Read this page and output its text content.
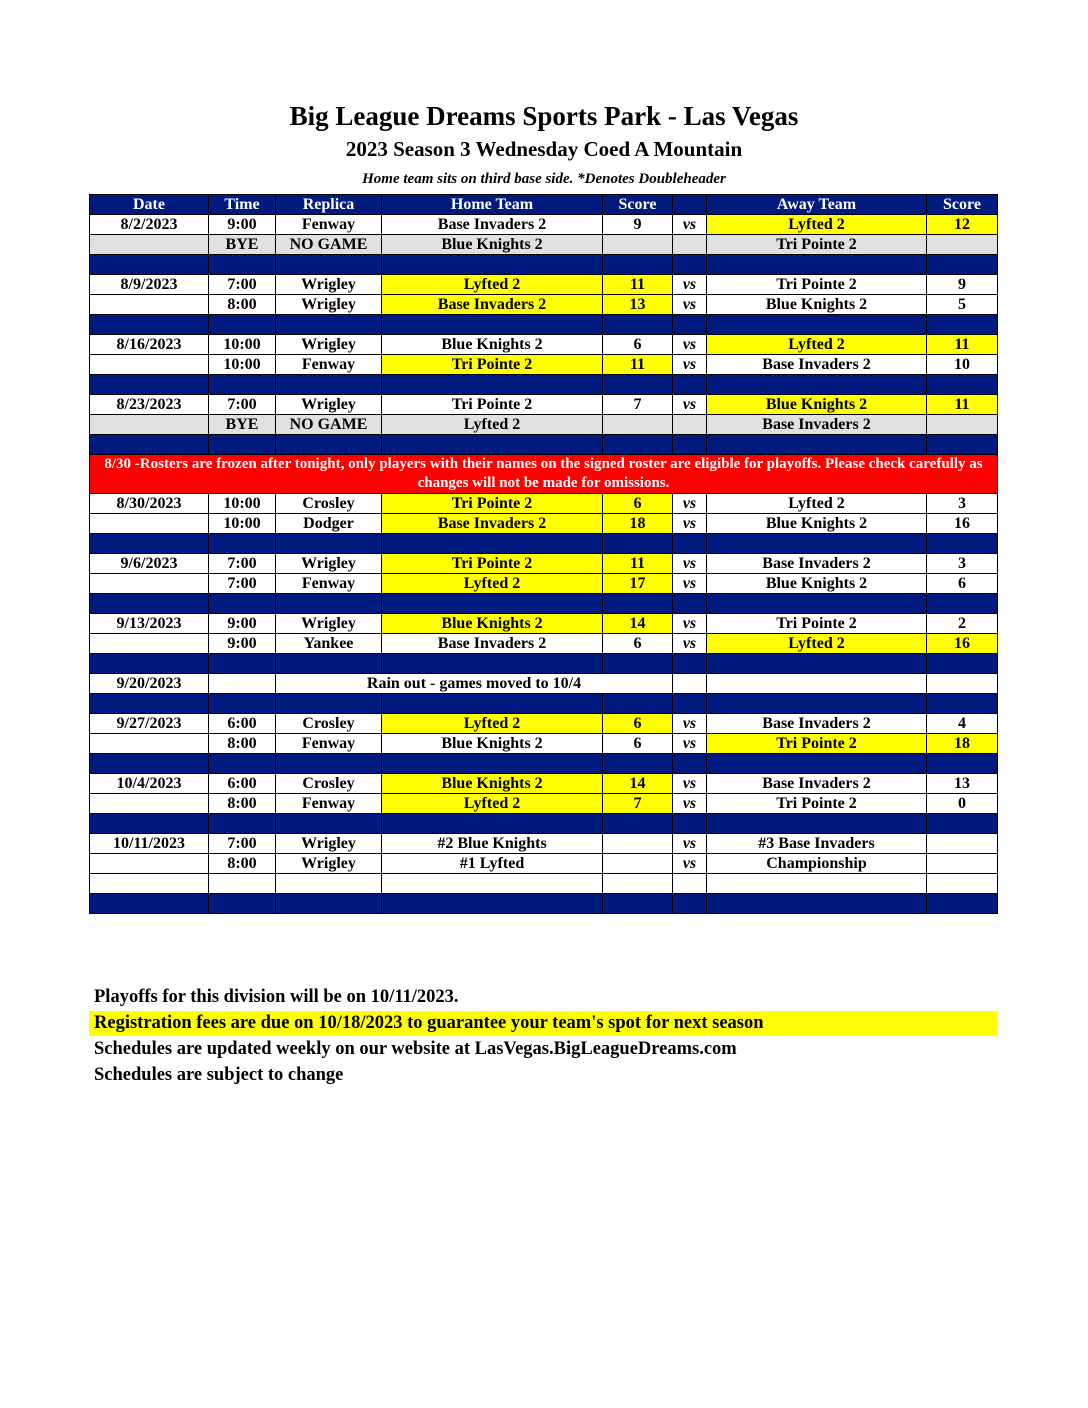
Big League Dreams Sports Park - Las Vegas
2023 Season 3 Wednesday Coed A Mountain
Home team sits on third base side. *Denotes Doubleheader
Date	Time	Replica	Home Team	Score		Away Team	Score
8/2/2023	9:00	Fenway	Base Invaders 2	9	vs	Lyfted 2	12
	BYE	NO GAME	Blue Knights 2			Tri Pointe 2	

8/9/2023	7:00	Wrigley	Lyfted 2	11	vs	Tri Pointe 2	9
	8:00	Wrigley	Base Invaders 2	13	vs	Blue Knights 2	5

8/16/2023	10:00	Wrigley	Blue Knights 2	6	vs	Lyfted 2	11
	10:00	Fenway	Tri Pointe 2	11	vs	Base Invaders 2	10

8/23/2023	7:00	Wrigley	Tri Pointe 2	7	vs	Blue Knights 2	11
	BYE	NO GAME	Lyfted 2			Base Invaders 2	

8/30 -Rosters are frozen after tonight, only players with their names on the signed roster are eligible for playoffs. Please check carefully as changes will not be made for omissions.							
8/30/2023	10:00	Crosley	Tri Pointe 2	6	vs	Lyfted 2	3
	10:00	Dodger	Base Invaders 2	18	vs	Blue Knights 2	16

9/6/2023	7:00	Wrigley	Tri Pointe 2	11	vs	Base Invaders 2	3
	7:00	Fenway	Lyfted 2	17	vs	Blue Knights 2	6

9/13/2023	9:00	Wrigley	Blue Knights 2	14	vs	Tri Pointe 2	2
	9:00	Yankee	Base Invaders 2	6	vs	Lyfted 2	16

9/20/2023		Rain out - games moved to 10/4					

9/27/2023	6:00	Crosley	Lyfted 2	6	vs	Base Invaders 2	4
	8:00	Fenway	Blue Knights 2	6	vs	Tri Pointe 2	18

10/4/2023	6:00	Crosley	Blue Knights 2	14	vs	Base Invaders 2	13
	8:00	Fenway	Lyfted 2	7	vs	Tri Pointe 2	0

10/11/2023	7:00	Wrigley	#2 Blue Knights		vs	#3 Base Invaders	
	8:00	Wrigley	#1 Lyfted		vs	Championship	

Playoffs for this division will be on 10/11/2023.
Registration fees are due on 10/18/2023 to guarantee your team's spot for next season
Schedules are updated weekly on our website at LasVegas.BigLeagueDreams.com
Schedules are subject to change
